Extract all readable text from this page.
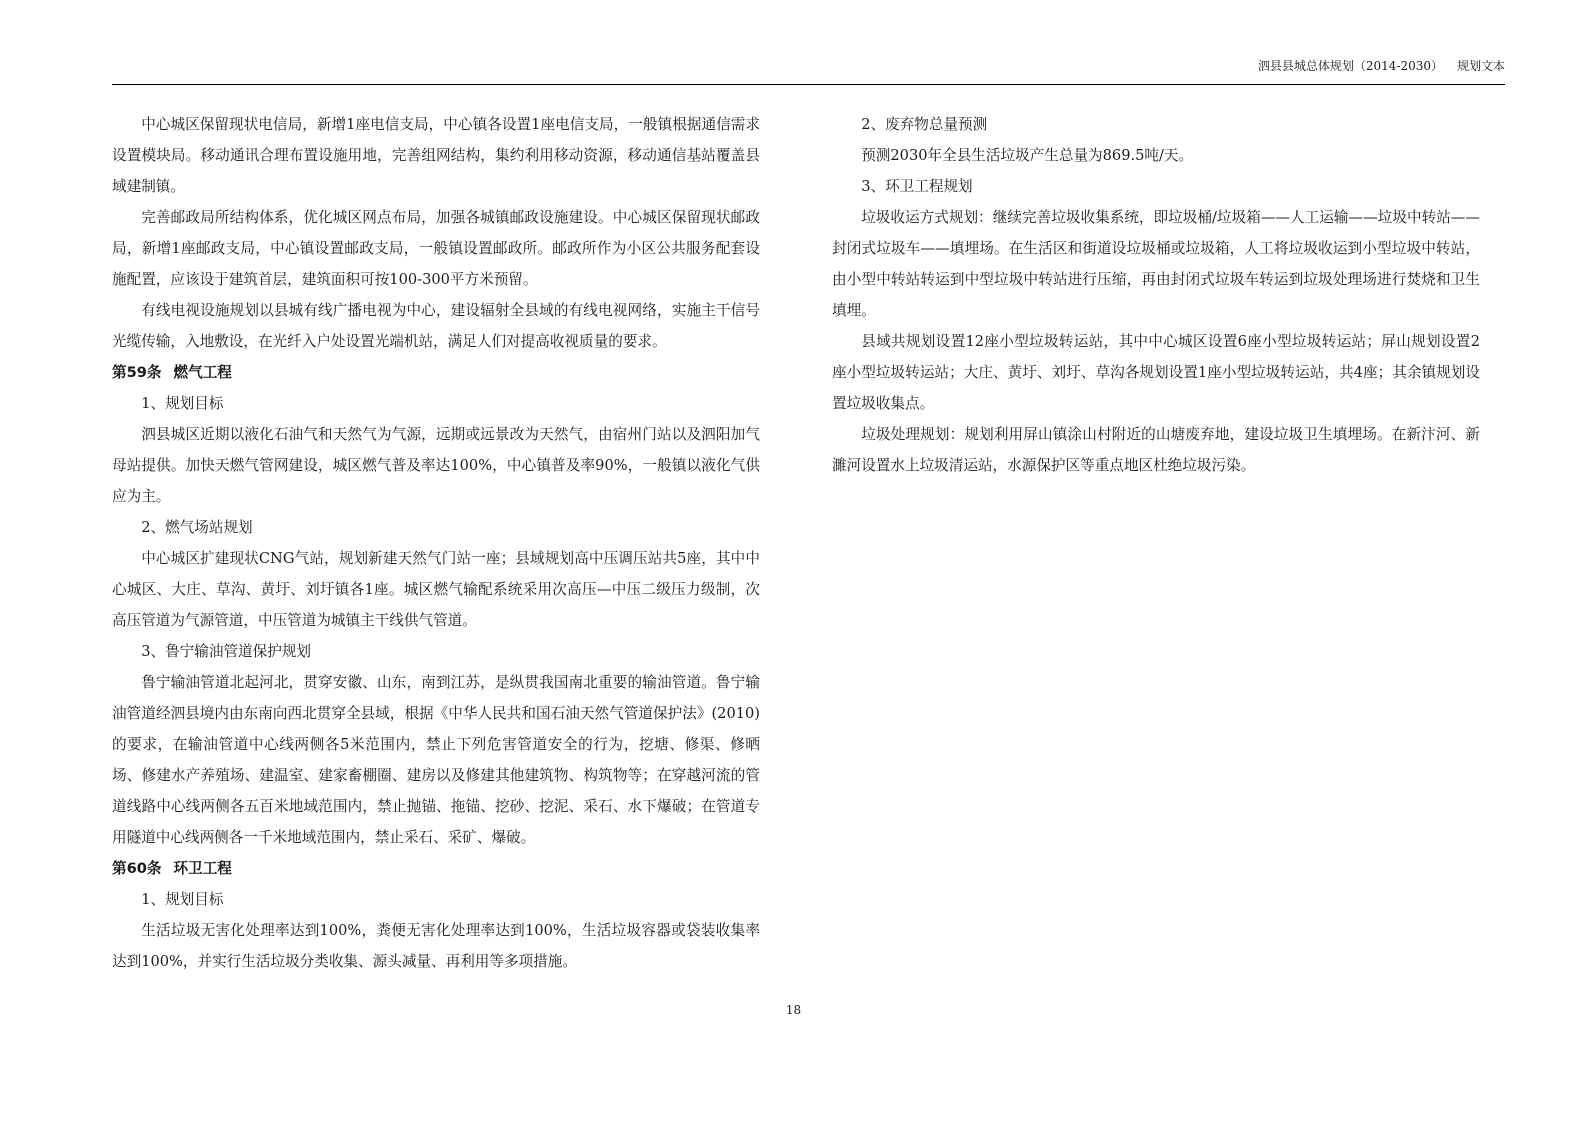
泗县县城总体规划（2014-2030） 规划文本

中心城区保留现状电信局，新增1座电信支局，中心镇各设置1座电信支局，一般镇根据通信需求设置模块局。移动通讯合理布置设施用地，完善组网结构，集约利用移动资源，移动通信基站覆盖县域建制镇。

完善邮政局所结构体系，优化城区网点布局，加强各城镇邮政设施建设。中心城区保留现状邮政局，新增1座邮政支局，中心镇设置邮政支局，一般镇设置邮政所。邮政所作为小区公共服务配套设施配置，应该设于建筑首层，建筑面积可按100-300平方米预留。

有线电视设施规划以县城有线广播电视为中心，建设辐射全县域的有线电视网络，实施主干信号光缆传输，入地敷设，在光纤入户处设置光端机站，满足人们对提高收视质量的要求。

第59条 燃气工程

1、规划目标

泗县城区近期以液化石油气和天然气为气源，远期或远景改为天然气，由宿州门站以及泗阳加气母站提供。加快天燃气管网建设，城区燃气普及率达100%，中心镇普及率90%，一般镇以液化气供应为主。

2、燃气场站规划

中心城区扩建现状CNG气站，规划新建天然气门站一座；县域规划高中压调压站共5座，其中中心城区、大庄、草沟、黄圩、刘圩镇各1座。城区燃气输配系统采用次高压—中压二级压力级制，次高压管道为气源管道，中压管道为城镇主干线供气管道。

3、鲁宁输油管道保护规划

鲁宁输油管道北起河北，贯穿安徽、山东，南到江苏，是纵贯我国南北重要的输油管道。鲁宁输油管道经泗县境内由东南向西北贯穿全县域，根据《中华人民共和国石油天然气管道保护法》(2010)的要求，在输油管道中心线两侧各5米范围内，禁止下列危害管道安全的行为，挖塘、修渠、修晒场、修建水产养殖场、建温室、建家畜棚圈、建房以及修建其他建筑物、构筑物等；在穿越河流的管道线路中心线两侧各五百米地域范围内，禁止抛锚、拖锚、挖砂、挖泥、采石、水下爆破；在管道专用隧道中心线两侧各一千米地域范围内，禁止采石、采矿、爆破。

第60条 环卫工程

1、规划目标

生活垃圾无害化处理率达到100%，粪便无害化处理率达到100%，生活垃圾容器或袋装收集率达到100%，并实行生活垃圾分类收集、源头减量、再利用等多项措施。

2、废弃物总量预测

预测2030年全县生活垃圾产生总量为869.5吨/天。

3、环卫工程规划

垃圾收运方式规划：继续完善垃圾收集系统，即垃圾桶/垃圾箱——人工运输——垃圾中转站——封闭式垃圾车——填埋场。在生活区和街道设垃圾桶或垃圾箱，人工将垃圾收运到小型垃圾中转站，由小型中转站转运到中型垃圾中转站进行压缩，再由封闭式垃圾车转运到垃圾处理场进行焚烧和卫生填埋。

县域共规划设置12座小型垃圾转运站，其中中心城区设置6座小型垃圾转运站；屏山规划设置2座小型垃圾转运站；大庄、黄圩、刘圩、草沟各规划设置1座小型垃圾转运站，共4座；其余镇规划设置垃圾收集点。

垃圾处理规划：规划利用屏山镇涂山村附近的山塘废弃地，建设垃圾卫生填埋场。在新汴河、新濉河设置水上垃圾清运站，水源保护区等重点地区杜绝垃圾污染。

18
